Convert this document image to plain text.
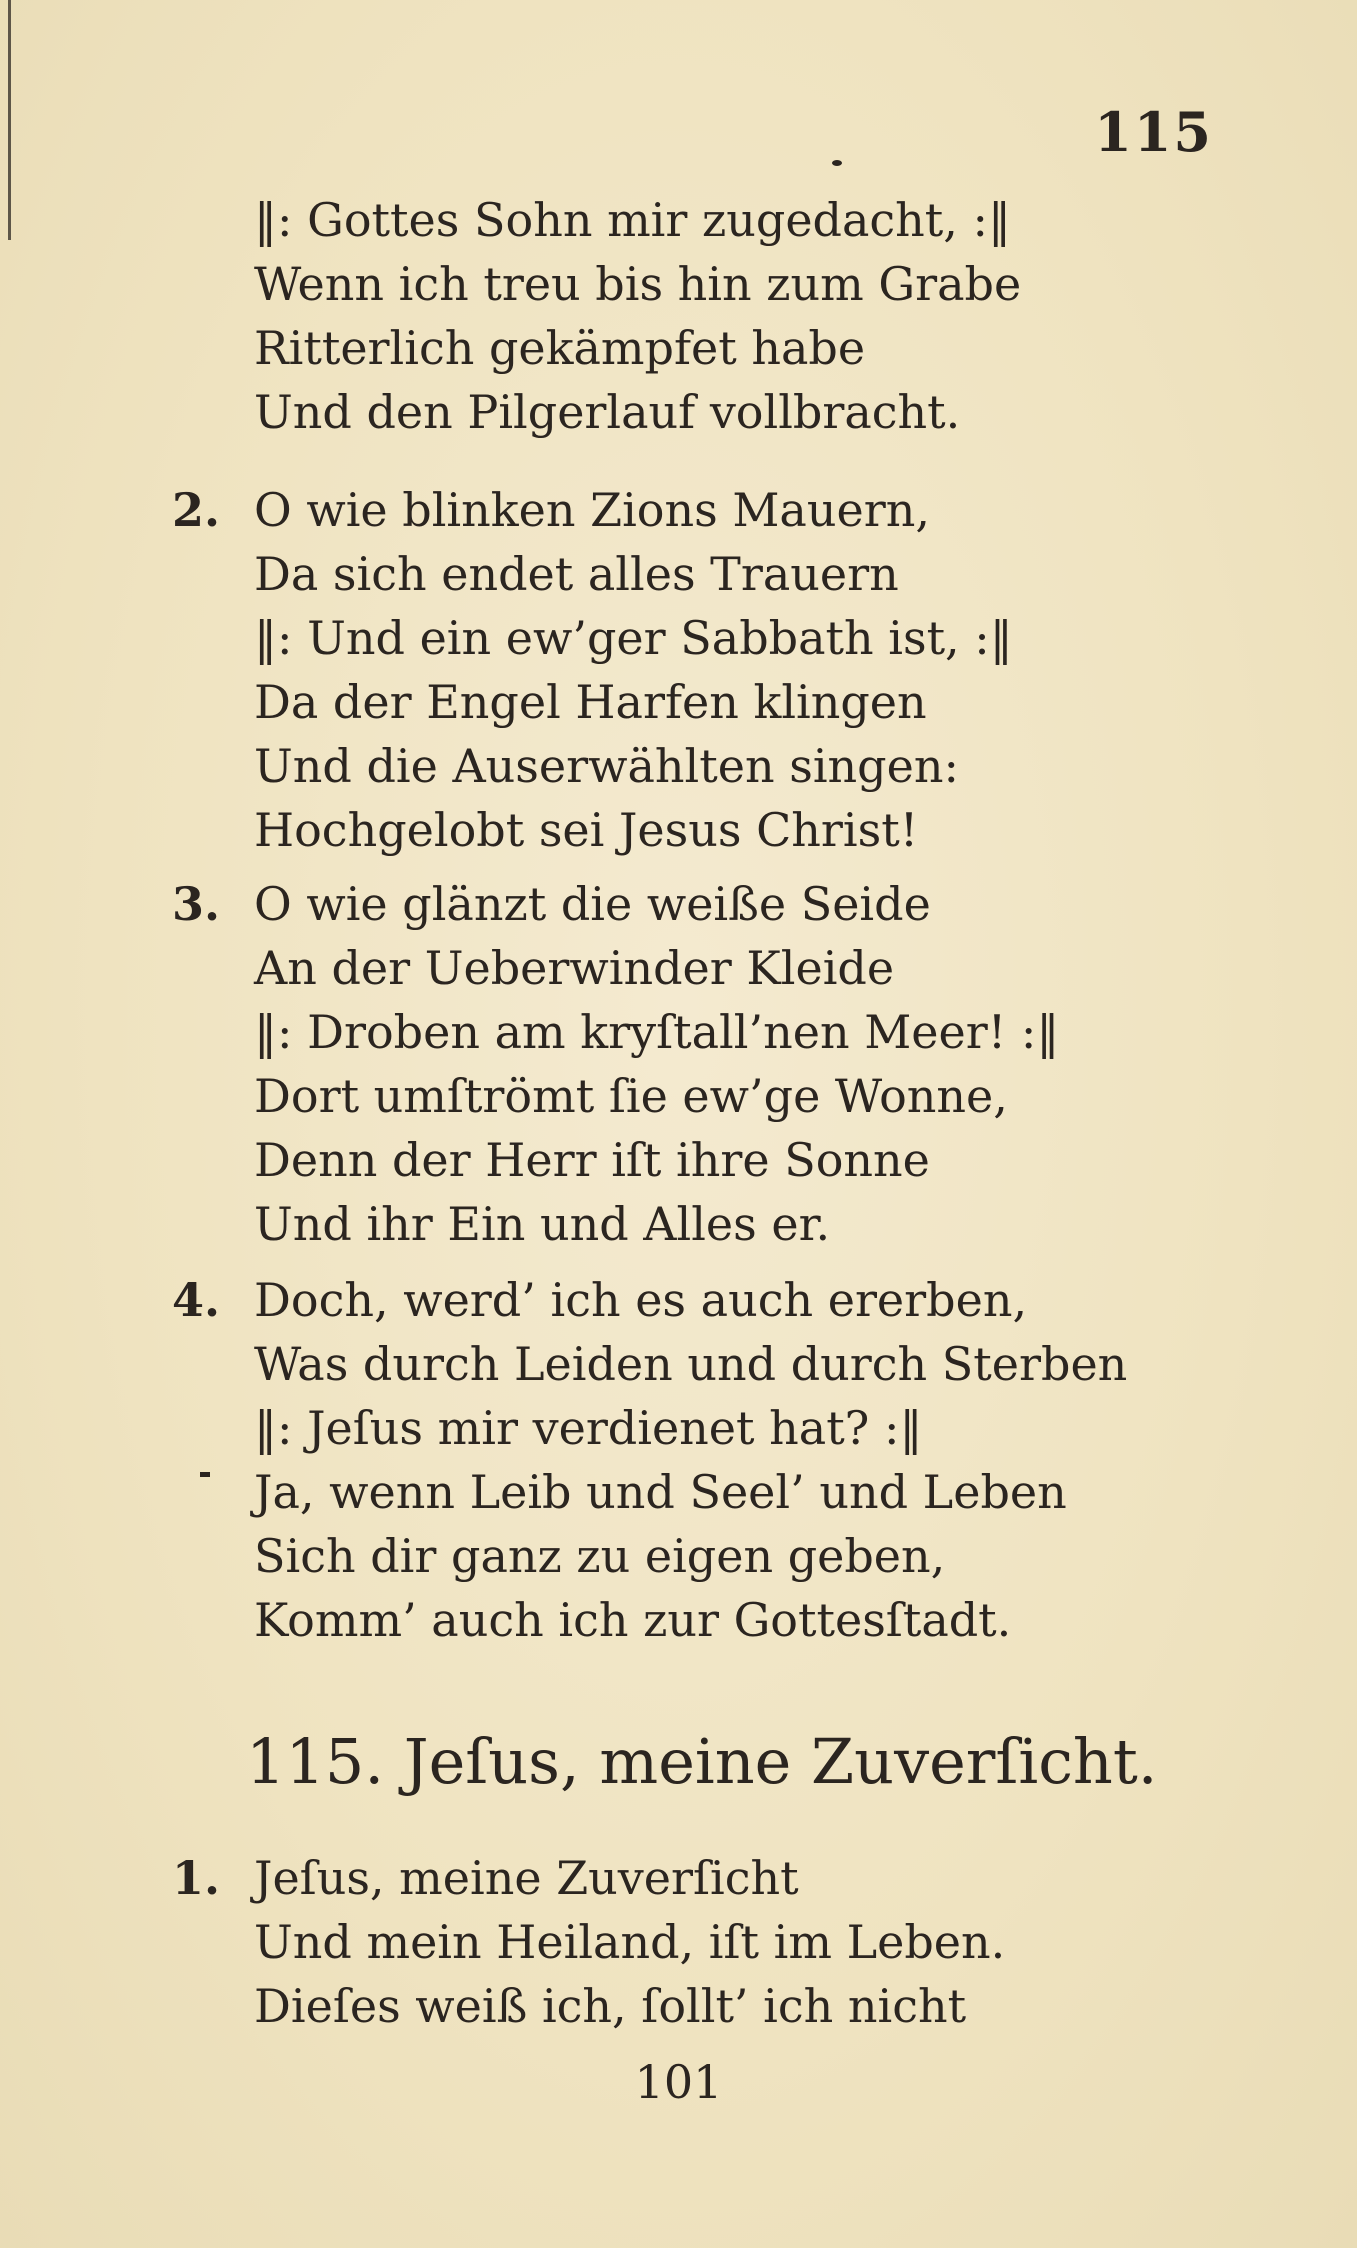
115
‖: Gottes Sohn mir zugedacht, :‖
Wenn ich treu bis hin zum Grabe
Ritterlich gekämpfet habe
Und den Pilgerlauf vollbracht.
2. O wie blinken Zions Mauern,
Da sich endet alles Trauern
‖: Und ein ew’ger Sabbath ist, :‖
Da der Engel Harfen klingen
Und die Auserwählten singen:
Hochgelobt sei Jesus Christ!
3. O wie glänzt die weiße Seide
An der Ueberwinder Kleide
‖: Droben am kryſtall’nen Meer! :‖
Dort umſtrömt ſie ew’ge Wonne,
Denn der Herr iſt ihre Sonne
Und ihr Ein und Alles er.
4. Doch, werd’ ich es auch ererben,
Was durch Leiden und durch Sterben
‖: Jeſus mir verdienet hat? :‖
Ja, wenn Leib und Seel’ und Leben
Sich dir ganz zu eigen geben,
Komm’ auch ich zur Gottesſtadt.
115. Jeſus, meine Zuverſicht.
1. Jeſus, meine Zuverſicht
Und mein Heiland, iſt im Leben.
Dieſes weiß ich, ſollt’ ich nicht
101
